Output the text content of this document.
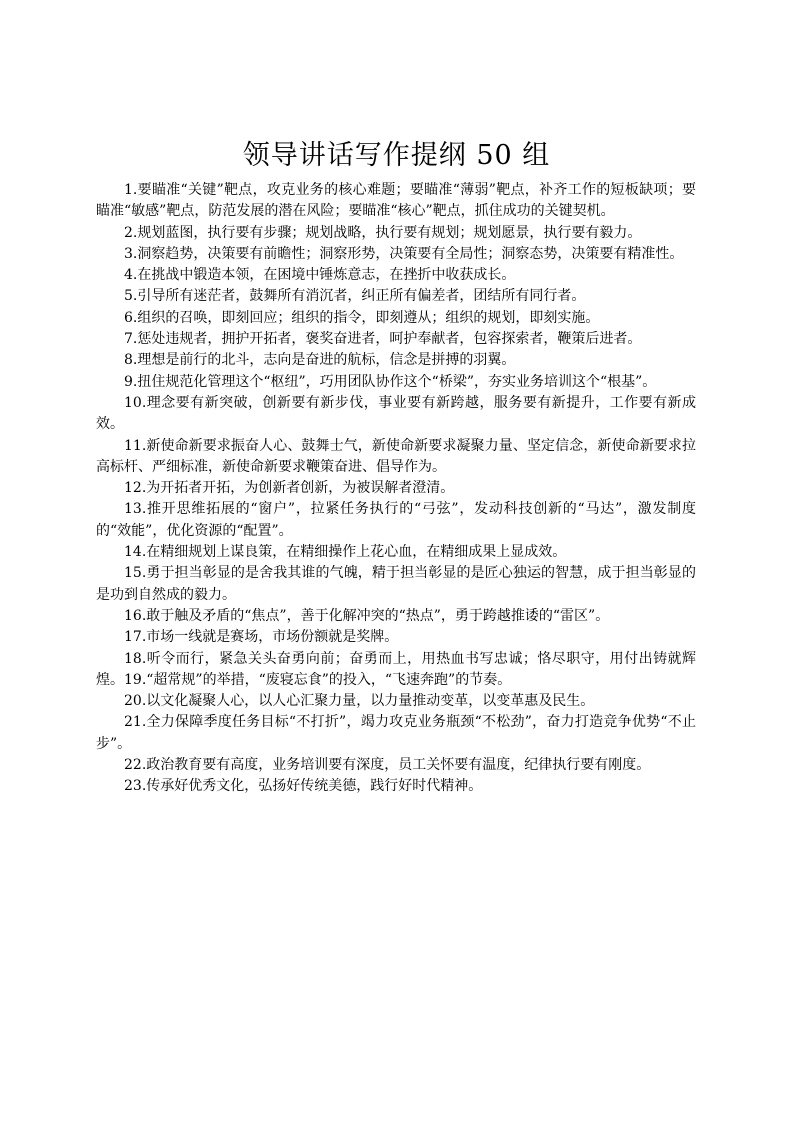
领导讲话写作提纲 50 组

1.要瞄准“关键”靶点，攻克业务的核心难题；要瞄准“薄弱”靶点，补齐工作的短板缺项；要瞄准“敏感”靶点，防范发展的潜在风险；要瞄准“核心”靶点，抓住成功的关键契机。

2.规划蓝图，执行要有步骤；规划战略，执行要有规划；规划愿景，执行要有毅力。

3.洞察趋势，决策要有前瞻性；洞察形势，决策要有全局性；洞察态势，决策要有精准性。

4.在挑战中锻造本领，在困境中锤炼意志，在挫折中收获成长。

5.引导所有迷茫者，鼓舞所有消沉者，纠正所有偏差者，团结所有同行者。

6.组织的召唤，即刻回应；组织的指令，即刻遵从；组织的规划，即刻实施。

7.惩处违规者，拥护开拓者，褒奖奋进者，呵护奉献者，包容探索者，鞭策后进者。

8.理想是前行的北斗，志向是奋进的航标，信念是拼搏的羽翼。

9.扭住规范化管理这个“枢纽”，巧用团队协作这个“桥梁”，夯实业务培训这个“根基”。

10.理念要有新突破，创新要有新步伐，事业要有新跨越，服务要有新提升，工作要有新成效。

11.新使命新要求振奋人心、鼓舞士气，新使命新要求凝聚力量、坚定信念，新使命新要求拉高标杆、严细标准，新使命新要求鞭策奋进、倡导作为。

12.为开拓者开拓，为创新者创新，为被误解者澄清。

13.推开思维拓展的“窗户”，拉紧任务执行的“弓弦”，发动科技创新的“马达”，激发制度的“效能”，优化资源的“配置”。

14.在精细规划上谋良策，在精细操作上花心血，在精细成果上显成效。

15.勇于担当彰显的是舍我其谁的气魄，精于担当彰显的是匠心独运的智慧，成于担当彰显的是功到自然成的毅力。

16.敢于触及矛盾的“焦点”，善于化解冲突的“热点”，勇于跨越推诿的“雷区”。

17.市场一线就是赛场，市场份额就是奖牌。

18.听令而行，紧急关头奋勇向前；奋勇而上，用热血书写忠诚；恪尽职守，用付出铸就辉煌。19.“超常规”的举措，“废寝忘食”的投入，“飞速奔跑”的节奏。

20.以文化凝聚人心，以人心汇聚力量，以力量推动变革，以变革惠及民生。

21.全力保障季度任务目标“不打折”，竭力攻克业务瓶颈“不松劲”，奋力打造竞争优势“不止步”。

22.政治教育要有高度，业务培训要有深度，员工关怀要有温度，纪律执行要有刚度。

23.传承好优秀文化，弘扬好传统美德，践行好时代精神。
